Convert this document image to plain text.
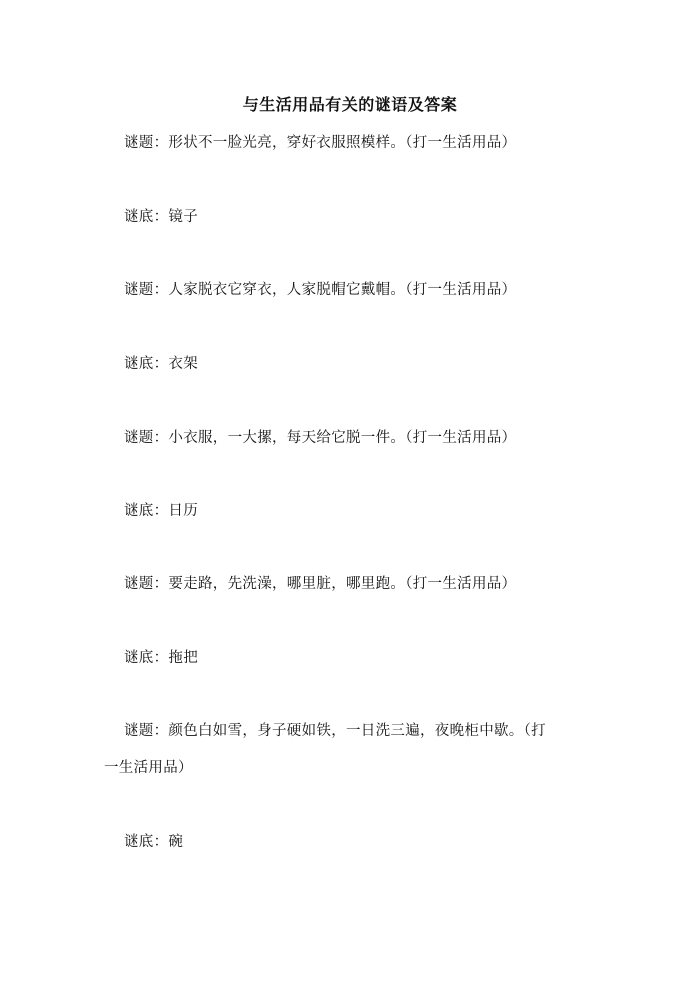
与生活用品有关的谜语及答案
谜题：形状不一脸光亮，穿好衣服照模样。（打一生活用品）
谜底：镜子
谜题：人家脱衣它穿衣，人家脱帽它戴帽。（打一生活用品）
谜底：衣架
谜题：小衣服，一大摞，每天给它脱一件。（打一生活用品）
谜底：日历
谜题：要走路，先洗澡，哪里脏，哪里跑。（打一生活用品）
谜底：拖把
谜题：颜色白如雪，身子硬如铁，一日洗三遍，夜晚柜中歇。（打
一生活用品）
谜底：碗
